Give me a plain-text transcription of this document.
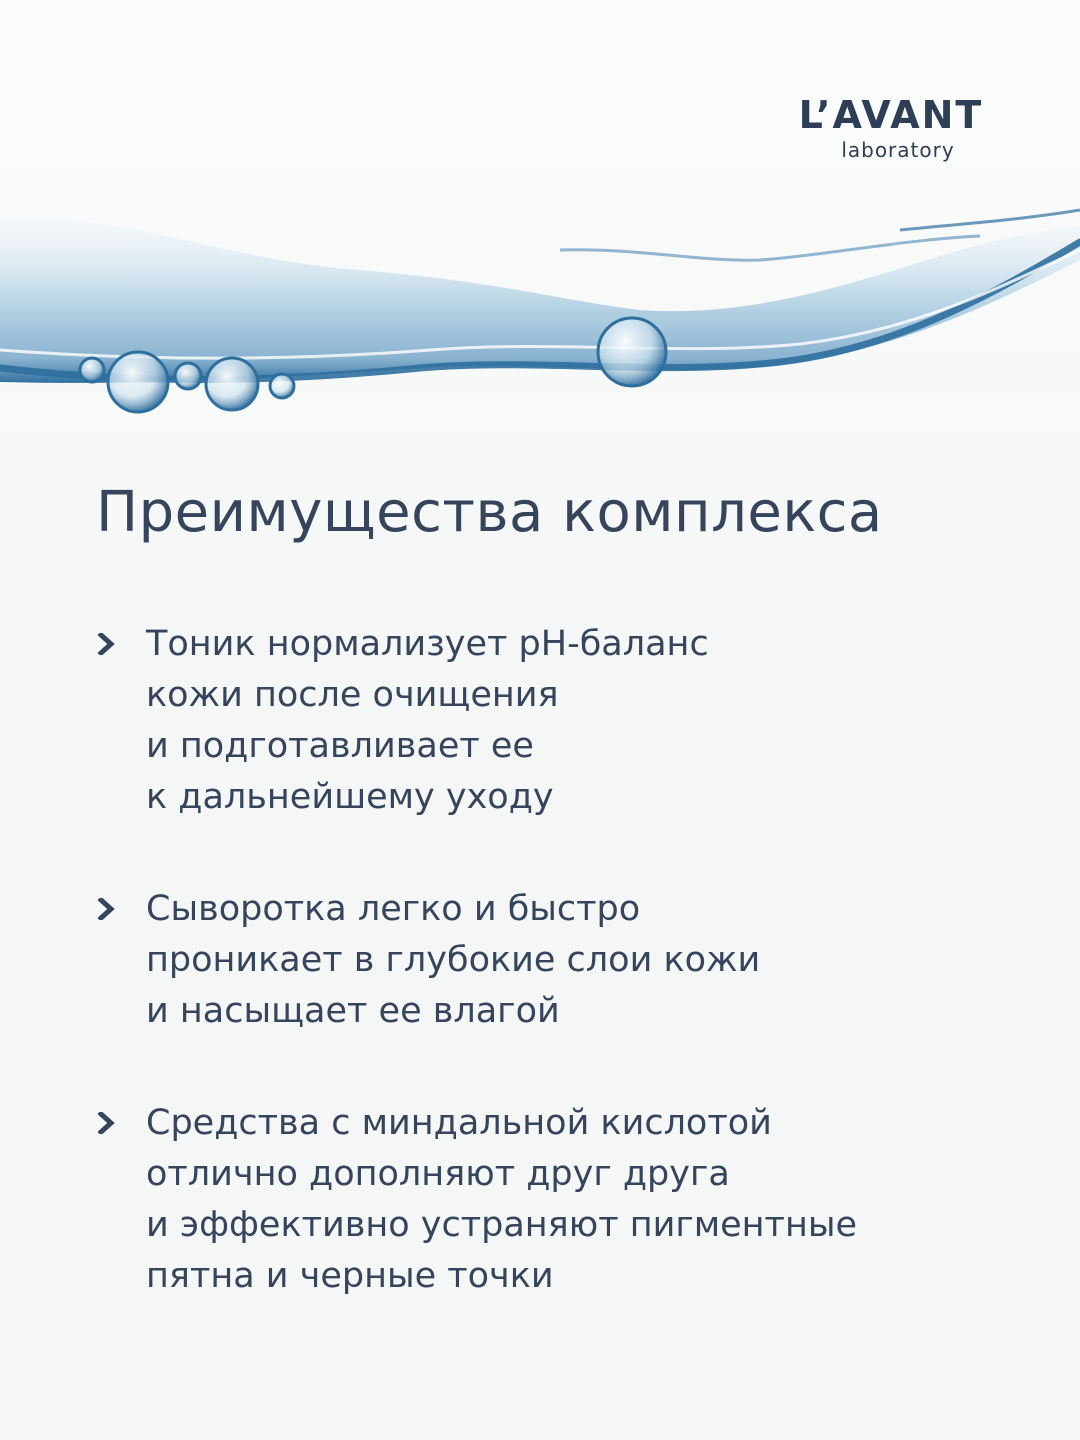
L’AVANT
laboratory
Преимущества комплекса
Тоник нормализует pH-баланс
кожи после очищения
и подготавливает ее
к дальнейшему уходу
Сыворотка легко и быстро
проникает в глубокие слои кожи
и насыщает ее влагой
Средства с миндальной кислотой
отлично дополняют друг друга
и эффективно устраняют пигментные
пятна и черные точки
